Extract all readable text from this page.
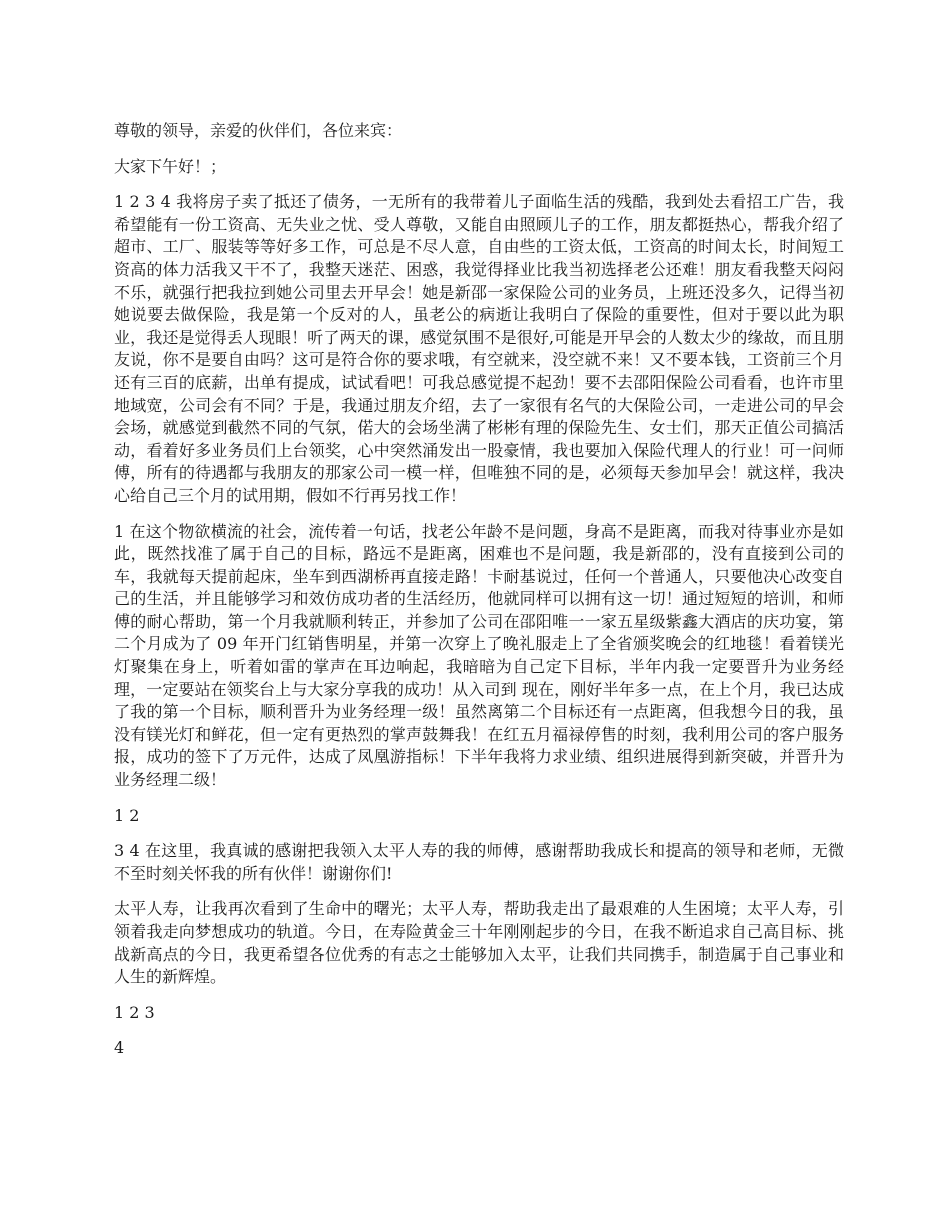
尊敬的领导，亲爱的伙伴们，各位来宾：

大家下午好！；

1 2 3 4 我将房子卖了抵还了债务，一无所有的我带着儿子面临生活的残酷，我到处去看招工广告，我希望能有一份工资高、无失业之忧、受人尊敬，又能自由照顾儿子的工作，朋友都挺热心，帮我介绍了超市、工厂、服装等等好多工作，可总是不尽人意，自由些的工资太低，工资高的时间太长，时间短工资高的体力活我又干不了，我整天迷茫、困惑，我觉得择业比我当初选择老公还难！朋友看我整天闷闷不乐，就强行把我拉到她公司里去开早会！她是新邵一家保险公司的业务员，上班还没多久，记得当初她说要去做保险，我是第一个反对的人，虽老公的病逝让我明白了保险的重要性，但对于要以此为职业，我还是觉得丢人现眼！听了两天的课，感觉氛围不是很好,可能是开早会的人数太少的缘故，而且朋友说，你不是要自由吗？这可是符合你的要求哦，有空就来，没空就不来！又不要本钱，工资前三个月还有三百的底薪，出单有提成，试试看吧！可我总感觉提不起劲！要不去邵阳保险公司看看，也许市里地域宽，公司会有不同？于是，我通过朋友介绍，去了一家很有名气的大保险公司，一走进公司的早会会场，就感觉到截然不同的气氛，偌大的会场坐满了彬彬有理的保险先生、女士们，那天正值公司搞活动，看着好多业务员们上台领奖，心中突然涌发出一股豪情，我也要加入保险代理人的行业！可一问师傅，所有的待遇都与我朋友的那家公司一模一样，但唯独不同的是，必须每天参加早会！就这样，我决心给自己三个月的试用期，假如不行再另找工作！

1 在这个物欲横流的社会，流传着一句话，找老公年龄不是问题，身高不是距离，而我对待事业亦是如此，既然找准了属于自己的目标，路远不是距离，困难也不是问题，我是新邵的，没有直接到公司的车，我就每天提前起床，坐车到西湖桥再直接走路！卡耐基说过，任何一个普通人，只要他决心改变自己的生活，并且能够学习和效仿成功者的生活经历，他就同样可以拥有这一切！通过短短的培训，和师傅的耐心帮助，第一个月我就顺利转正，并参加了公司在邵阳唯一一家五星级紫鑫大酒店的庆功宴，第二个月成为了 09 年开门红销售明星，并第一次穿上了晚礼服走上了全省颁奖晚会的红地毯！看着镁光灯聚集在身上，听着如雷的掌声在耳边响起，我暗暗为自己定下目标，半年内我一定要晋升为业务经理，一定要站在领奖台上与大家分享我的成功！从入司到 现在，刚好半年多一点，在上个月，我已达成了我的第一个目标，顺利晋升为业务经理一级！虽然离第二个目标还有一点距离，但我想今日的我，虽没有镁光灯和鲜花，但一定有更热烈的掌声鼓舞我！在红五月福禄停售的时刻，我利用公司的客户服务报，成功的签下了万元件，达成了凤凰游指标！下半年我将力求业绩、组织进展得到新突破，并晋升为业务经理二级！

1 2

3 4 在这里，我真诚的感谢把我领入太平人寿的我的师傅，感谢帮助我成长和提高的领导和老师，无微不至时刻关怀我的所有伙伴！谢谢你们!

太平人寿，让我再次看到了生命中的曙光；太平人寿，帮助我走出了最艰难的人生困境；太平人寿，引领着我走向梦想成功的轨道。今日，在寿险黄金三十年刚刚起步的今日，在我不断追求自己高目标、挑战新高点的今日，我更希望各位优秀的有志之士能够加入太平，让我们共同携手，制造属于自己事业和人生的新辉煌。

1 2 3

4
